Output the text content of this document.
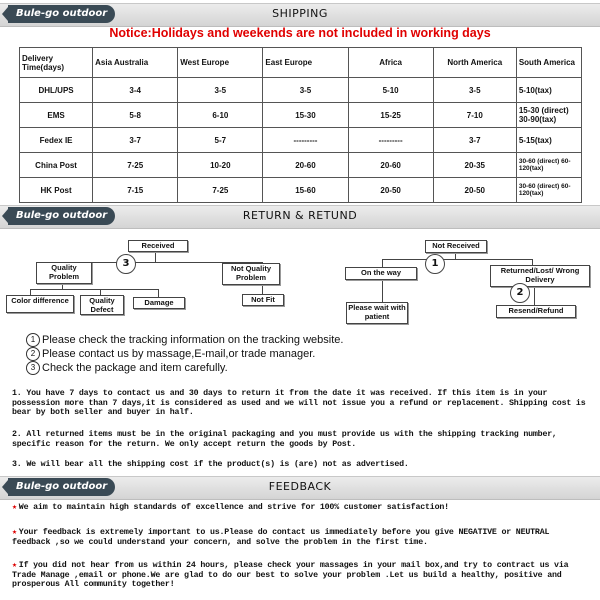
Bule-go outdoor	SHIPPING
Notice:Holidays and weekends are not included in working days
Delivery Time(days)	Asia Australia	West Europe	East Europe	Africa	North America	South America
DHL/UPS	3-4	3-5	3-5	5-10	3-5	5-10(tax)
EMS	5-8	6-10	15-30	15-25	7-10	15-30 (direct) 30-90(tax)
Fedex IE	3-7	5-7	---------	---------	3-7	5-15(tax)
China Post	7-25	10-20	20-60	20-60	20-35	30-60 (direct) 60-120(tax)
HK Post	7-15	7-25	15-60	20-50	20-50	30-60 (direct) 60-120(tax)
Bule-go outdoor	RETURN & RETUND
Received
3
Quality Problem
Not Quality Problem
Color difference	Quality Defect
Damage	Not Fit
Not Received
1
On the way	Returned/Lost/ Wrong Delivery
2
Please wait with patient
Resend/Refund
1 Please check the tracking information on the tracking website.
2 Please contact us by massage,E-mail,or trade manager.
3 Check the package and item carefully.
1. You have 7 days to contact us and 30 days to return it from the date it was received. If this item is in your possession more than 7 days,it is considered as used and we will not issue you a refund or replacement. Shipping cost is bear by both seller and buyer in half.
2. All returned items must be in the original packaging and you must provide us with the shipping tracking number, specific reason for the return. We only accept return the goods by Post.
3. We will bear all the shipping cost if the product(s) is (are) not as advertised.
Bule-go outdoor	FEEDBACK
★ We aim to maintain high standards of excellence and strive for 100% customer satisfaction!
★ Your feedback is extremely important to us.Please do contact us immediately before you give NEGATIVE or NEUTRAL feedback ,so we could understand your concern, and solve the problem in the first time.
★ If you did not hear from us within 24 hours, please check your massages in your mail box,and try to contract us via Trade Manage ,email or phone.We are glad to do our best to solve your problem .Let us build a healthy, positive and prosperous All community together!
